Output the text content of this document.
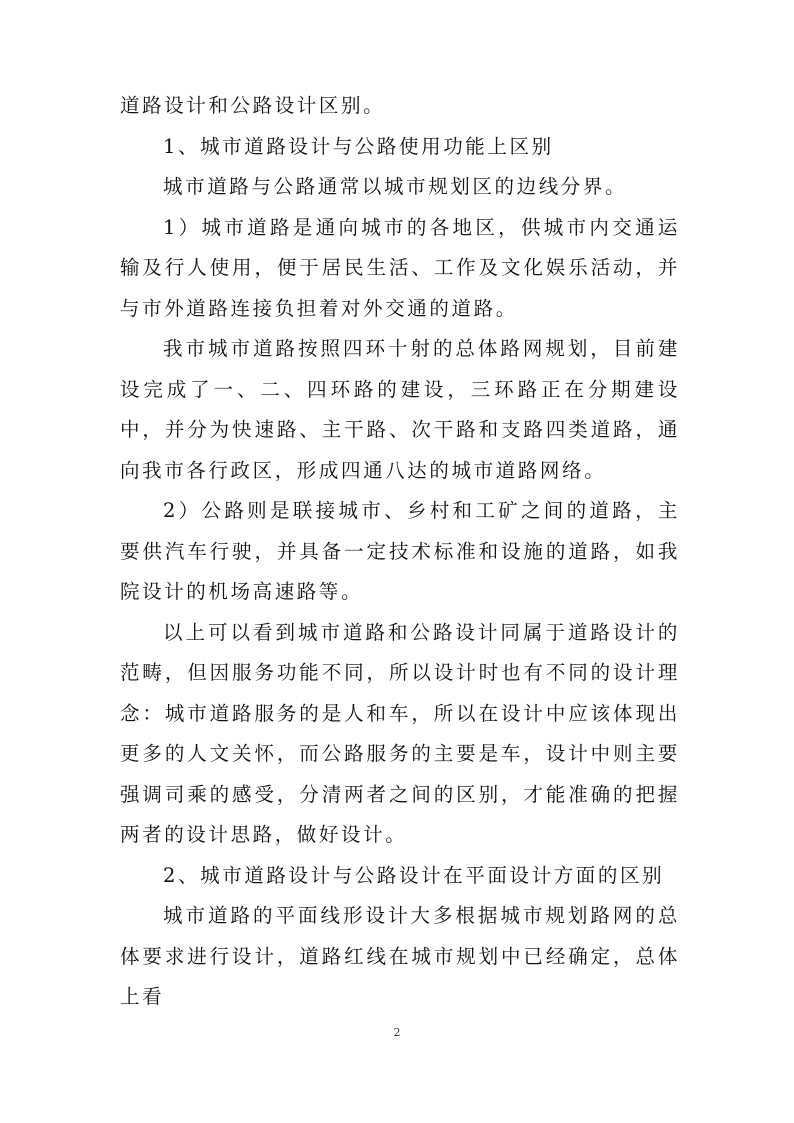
道路设计和公路设计区别。

1、城市道路设计与公路使用功能上区别

城市道路与公路通常以城市规划区的边线分界。

1）城市道路是通向城市的各地区，供城市内交通运输及行人使用，便于居民生活、工作及文化娱乐活动，并与市外道路连接负担着对外交通的道路。

我市城市道路按照四环十射的总体路网规划，目前建设完成了一、二、四环路的建设，三环路正在分期建设中，并分为快速路、主干路、次干路和支路四类道路，通向我市各行政区，形成四通八达的城市道路网络。

2）公路则是联接城市、乡村和工矿之间的道路，主要供汽车行驶，并具备一定技术标准和设施的道路，如我院设计的机场高速路等。

以上可以看到城市道路和公路设计同属于道路设计的范畴，但因服务功能不同，所以设计时也有不同的设计理念：城市道路服务的是人和车，所以在设计中应该体现出更多的人文关怀，而公路服务的主要是车，设计中则主要强调司乘的感受，分清两者之间的区别，才能准确的把握两者的设计思路，做好设计。

2、城市道路设计与公路设计在平面设计方面的区别

城市道路的平面线形设计大多根据城市规划路网的总体要求进行设计，道路红线在城市规划中已经确定，总体上看

2
